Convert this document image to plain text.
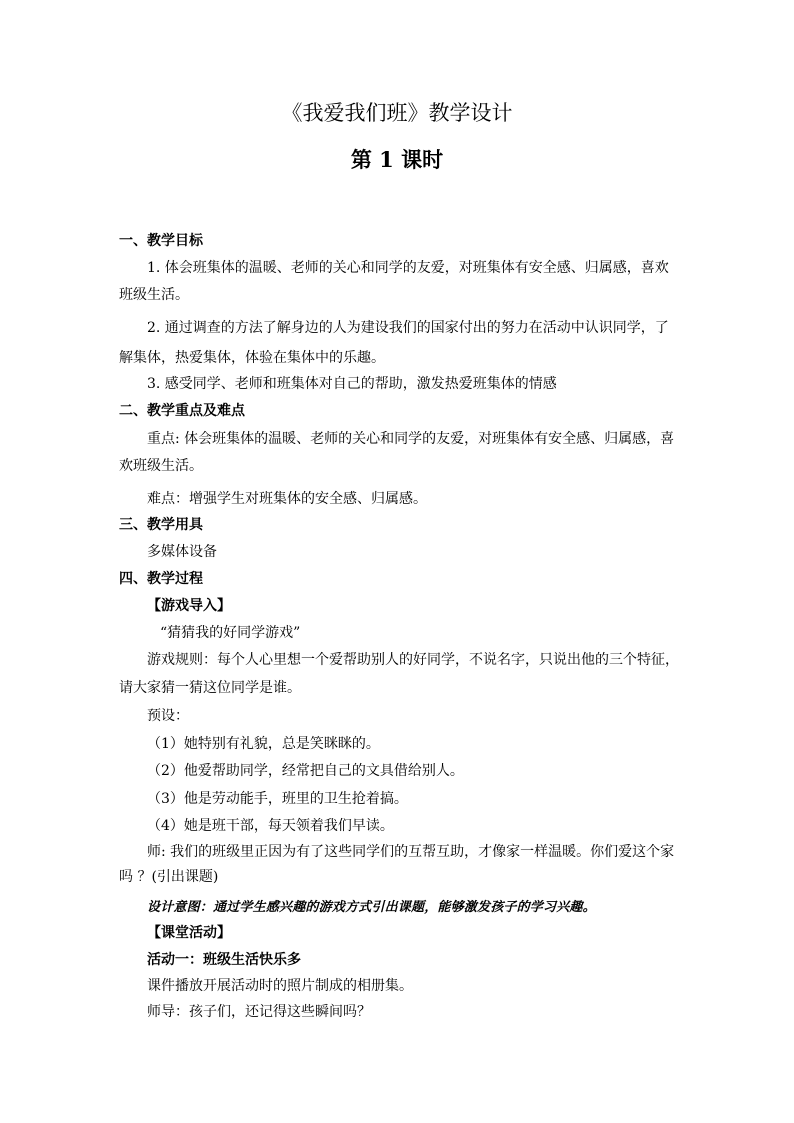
《我爱我们班》教学设计
第 1 课时
一、教学目标
1. 体会班集体的温暖、老师的关心和同学的友爱，对班集体有安全感、归属感，喜欢
班级生活。
2. 通过调查的方法了解身边的人为建设我们的国家付出的努力在活动中认识同学，了
解集体，热爱集体，体验在集体中的乐趣。
3. 感受同学、老师和班集体对自己的帮助，激发热爱班集体的情感
二、教学重点及难点
重点: 体会班集体的温暖、老师的关心和同学的友爱，对班集体有安全感、归属感，喜
欢班级生活。
难点：增强学生对班集体的安全感、归属感。
三、教学用具
多媒体设备
四、教学过程
【游戏导入】
“猜猜我的好同学游戏”
游戏规则：每个人心里想一个爱帮助别人的好同学，不说名字，只说出他的三个特征，
请大家猜一猜这位同学是谁。
预设：
（1）她特别有礼貌，总是笑眯眯的。
（2）他爱帮助同学，经常把自己的文具借给别人。
（3）他是劳动能手，班里的卫生抢着搞。
（4）她是班干部，每天领着我们早读。
师: 我们的班级里正因为有了这些同学们的互帮互助，才像家一样温暖。你们爱这个家
吗 ？(引出课题)
设计意图：通过学生感兴趣的游戏方式引出课题，能够激发孩子的学习兴趣。
【课堂活动】
活动一：班级生活快乐多
课件播放开展活动时的照片制成的相册集。
师导：孩子们，还记得这些瞬间吗？
